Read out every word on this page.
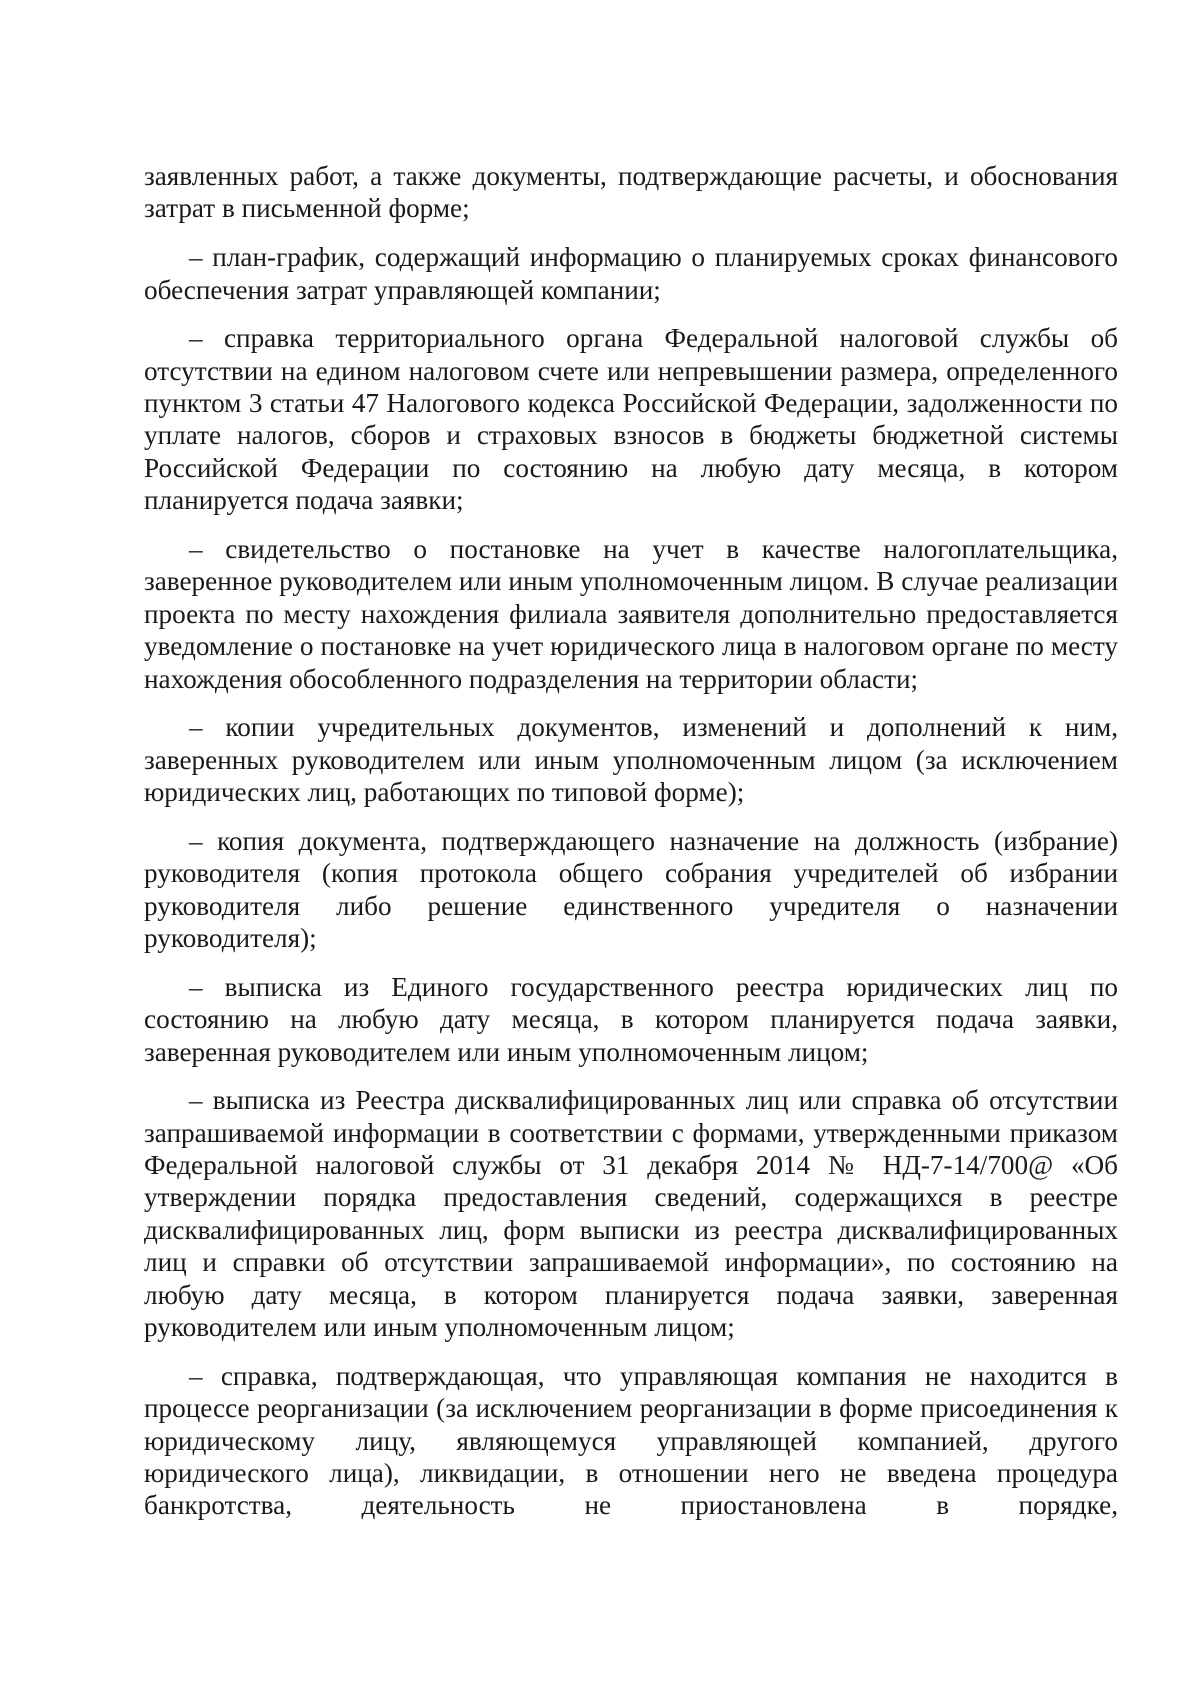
заявленных работ, а также документы, подтверждающие расчеты, и обоснования затрат в письменной форме;

– план-график, содержащий информацию о планируемых сроках финансового обеспечения затрат управляющей компании;

– справка территориального органа Федеральной налоговой службы об отсутствии на едином налоговом счете или непревышении размера, определенного пунктом 3 статьи 47 Налогового кодекса Российской Федерации, задолженности по уплате налогов, сборов и страховых взносов в бюджеты бюджетной системы Российской Федерации по состоянию на любую дату месяца, в котором планируется подача заявки;

– свидетельство о постановке на учет в качестве налогоплательщика, заверенное руководителем или иным уполномоченным лицом. В случае реализации проекта по месту нахождения филиала заявителя дополнительно предоставляется уведомление о постановке на учет юридического лица в налоговом органе по месту нахождения обособленного подразделения на территории области;

– копии учредительных документов, изменений и дополнений к ним, заверенных руководителем или иным уполномоченным лицом (за исключением юридических лиц, работающих по типовой форме);

– копия документа, подтверждающего назначение на должность (избрание) руководителя (копия протокола общего собрания учредителей об избрании руководителя либо решение единственного учредителя о назначении руководителя);

– выписка из Единого государственного реестра юридических лиц по состоянию на любую дату месяца, в котором планируется подача заявки, заверенная руководителем или иным уполномоченным лицом;

– выписка из Реестра дисквалифицированных лиц или справка об отсутствии запрашиваемой информации в соответствии с формами, утвержденными приказом Федеральной налоговой службы от 31 декабря 2014 № НД-7-14/700@ «Об утверждении порядка предоставления сведений, содержащихся в реестре дисквалифицированных лиц, форм выписки из реестра дисквалифицированных лиц и справки об отсутствии запрашиваемой информации», по состоянию на любую дату месяца, в котором планируется подача заявки, заверенная руководителем или иным уполномоченным лицом;

– справка, подтверждающая, что управляющая компания не находится в процессе реорганизации (за исключением реорганизации в форме присоединения к юридическому лицу, являющемуся управляющей компанией, другого юридического лица), ликвидации, в отношении него не введена процедура банкротства, деятельность не приостановлена в порядке,
